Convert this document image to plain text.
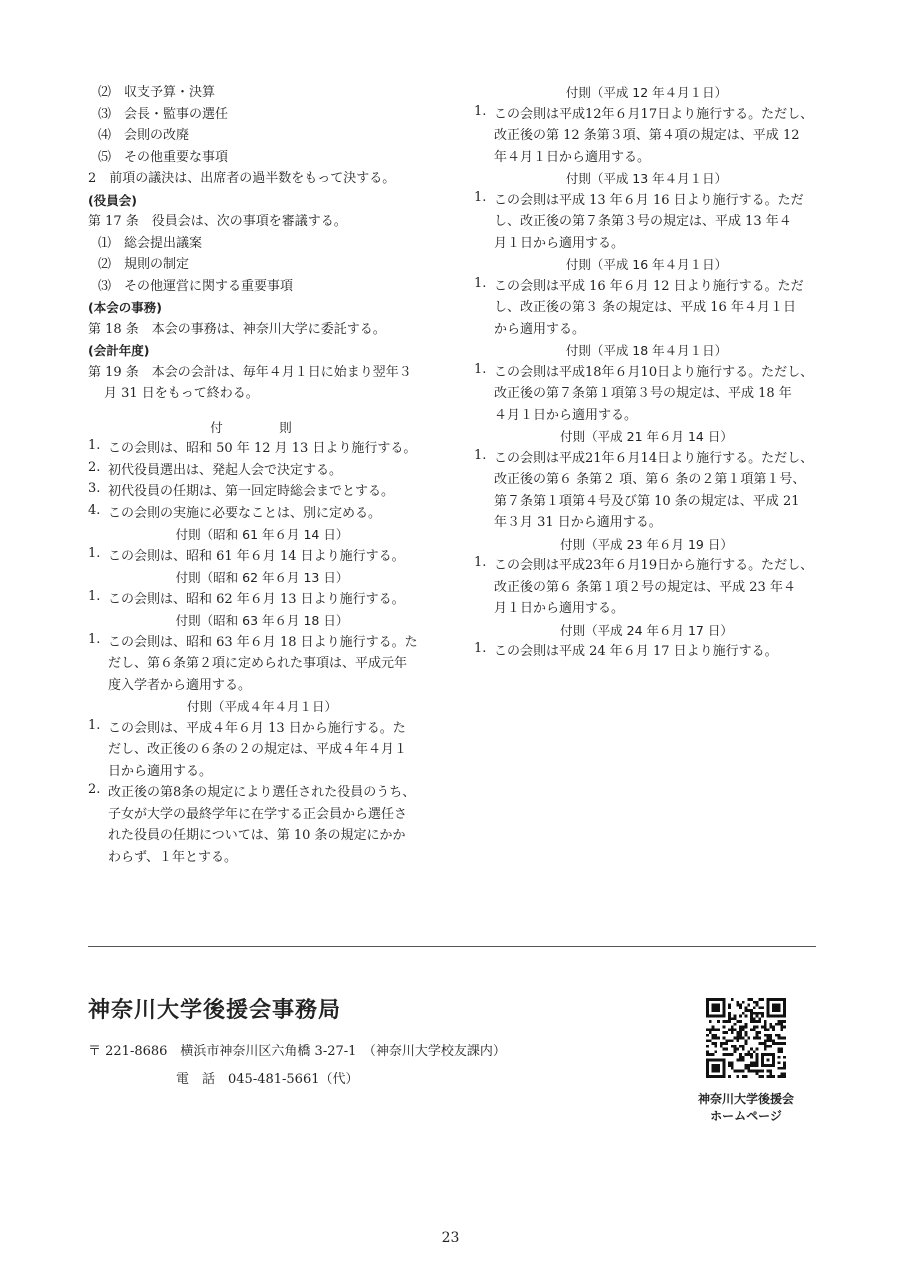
⑵　収支予算・決算
⑶　会長・監事の選任
⑷　会則の改廃
⑸　その他重要な事項
2　前項の議決は、出席者の過半数をもって決する。
(役員会)
第 17 条　役員会は、次の事項を審議する。
⑴　総会提出議案
⑵　規則の制定
⑶　その他運営に関する重要事項
(本会の事務)
第 18 条　本会の事務は、神奈川大学に委託する。
(会計年度)
第 19 条　本会の会計は、毎年４月１日に始まり翌年３
月 31 日をもって終わる。
付　則
1. この会則は、昭和 50 年 12 月 13 日より施行する。
2. 初代役員選出は、発起人会で決定する。
3. 初代役員の任期は、第一回定時総会までとする。
4. この会則の実施に必要なことは、別に定める。
付則（昭和 61 年６月 14 日）
1. この会則は、昭和 61 年６月 14 日より施行する。
付則（昭和 62 年６月 13 日）
1. この会則は、昭和 62 年６月 13 日より施行する。
付則（昭和 63 年６月 18 日）
1. この会則は、昭和 63 年６月 18 日より施行する。た
だし、第６条第２項に定められた事項は、平成元年
度入学者から適用する。
付則（平成４年４月１日）
1. この会則は、平成４年６月 13 日から施行する。た
だし、改正後の６条の２の規定は、平成４年４月１
日から適用する。
2. 改正後の第8条の規定により選任された役員のうち、
子女が大学の最終学年に在学する正会員から選任さ
れた役員の任期については、第 10 条の規定にかか
わらず、１年とする。
付則（平成 12 年４月１日）
1. この会則は平成12年６月17日より施行する。ただし、
改正後の第 12 条第３項、第４項の規定は、平成 12
年４月１日から適用する。
付則（平成 13 年４月１日）
1. この会則は平成 13 年６月 16 日より施行する。ただ
し、改正後の第７条第３号の規定は、平成 13 年４
月１日から適用する。
付則（平成 16 年４月１日）
1. この会則は平成 16 年６月 12 日より施行する。ただ
し、改正後の第３ 条の規定は、平成 16 年４月１日
から適用する。
付則（平成 18 年４月１日）
1. この会則は平成18年６月10日より施行する。ただし、
改正後の第７条第１項第３号の規定は、平成 18 年
４月１日から適用する。
付則（平成 21 年６月 14 日）
1. この会則は平成21年６月14日より施行する。ただし、
改正後の第６ 条第２ 項、第６ 条の２第１項第１号、
第７条第１項第４号及び第 10 条の規定は、平成 21
年３月 31 日から適用する。
付則（平成 23 年６月 19 日）
1. この会則は平成23年６月19日から施行する。ただし、
改正後の第６ 条第１項２号の規定は、平成 23 年４
月１日から適用する。
付則（平成 24 年６月 17 日）
1. この会則は平成 24 年６月 17 日より施行する。
神奈川大学後援会事務局
〒 221-8686　横浜市神奈川区六角橋 3-27-1　（神奈川大学校友課内）
電　話　045-481-5661（代）
神奈川大学後援会
ホームページ
23
